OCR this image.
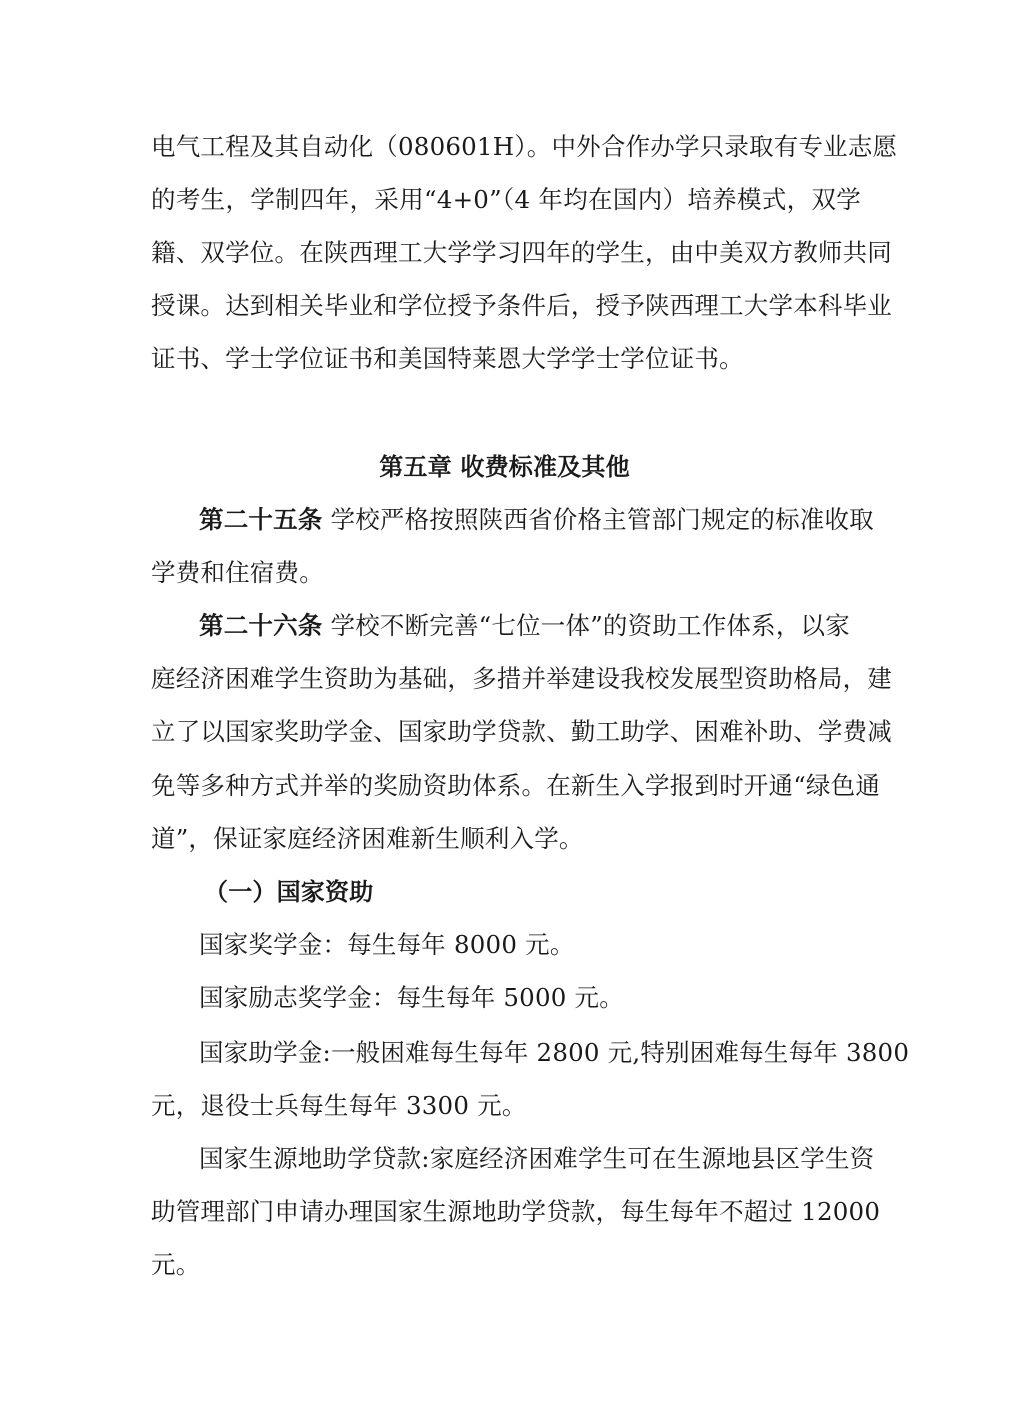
电气工程及其自动化（080601H）。中外合作办学只录取有专业志愿
的考生，学制四年，采用“4+0”（4 年均在国内）培养模式，双学
籍、双学位。在陕西理工大学学习四年的学生，由中美双方教师共同
授课。达到相关毕业和学位授予条件后，授予陕西理工大学本科毕业
证书、学士学位证书和美国特莱恩大学学士学位证书。
第五章 收费标准及其他
第二十五条 学校严格按照陕西省价格主管部门规定的标准收取
学费和住宿费。
第二十六条 学校不断完善“七位一体”的资助工作体系，以家
庭经济困难学生资助为基础，多措并举建设我校发展型资助格局，建
立了以国家奖助学金、国家助学贷款、勤工助学、困难补助、学费减
免等多种方式并举的奖励资助体系。在新生入学报到时开通“绿色通
道”，保证家庭经济困难新生顺利入学。
（一）国家资助
国家奖学金：每生每年 8000 元。
国家励志奖学金：每生每年 5000 元。
国家助学金:一般困难每生每年 2800 元,特别困难每生每年 3800
元，退役士兵每生每年 3300 元。
国家生源地助学贷款:家庭经济困难学生可在生源地县区学生资
助管理部门申请办理国家生源地助学贷款，每生每年不超过 12000
元。
